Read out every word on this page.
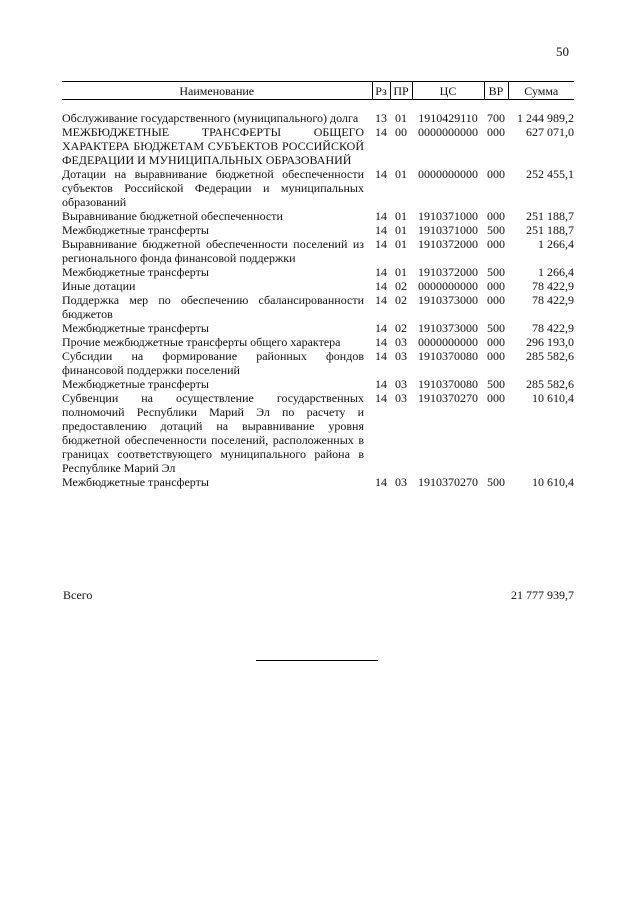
50
Наименование	Рз	ПР	ЦС	ВР	Сумма
Обслуживание государственного (муниципального) долга	13	01	1910429110	700	1 244 989,2
МЕЖБЮДЖЕТНЫЕ ТРАНСФЕРТЫ ОБЩЕГО ХАРАКТЕРА БЮДЖЕТАМ СУБЪЕКТОВ РОССИЙСКОЙ ФЕДЕРАЦИИ И МУНИЦИПАЛЬНЫХ ОБРАЗОВАНИЙ	14	00	0000000000	000	627 071,0
Дотации на выравнивание бюджетной обеспеченности субъектов Российской Федерации и муниципальных образований	14	01	0000000000	000	252 455,1
Выравнивание бюджетной обеспеченности	14	01	1910371000	000	251 188,7
Межбюджетные трансферты	14	01	1910371000	500	251 188,7
Выравнивание бюджетной обеспеченности поселений из регионального фонда финансовой поддержки	14	01	1910372000	000	1 266,4
Межбюджетные трансферты	14	01	1910372000	500	1 266,4
Иные дотации	14	02	0000000000	000	78 422,9
Поддержка мер по обеспечению сбалансированности бюджетов	14	02	1910373000	000	78 422,9
Межбюджетные трансферты	14	02	1910373000	500	78 422,9
Прочие межбюджетные трансферты общего характера	14	03	0000000000	000	296 193,0
Субсидии на формирование районных фондов финансовой поддержки поселений	14	03	1910370080	000	285 582,6
Межбюджетные трансферты	14	03	1910370080	500	285 582,6
Субвенции на осуществление государственных полномочий Республики Марий Эл по расчету и предоставлению дотаций на выравнивание уровня бюджетной обеспеченности поселений, расположенных в границах соответствующего муниципального района в Республике Марий Эл	14	03	1910370270	000	10 610,4
Межбюджетные трансферты	14	03	1910370270	500	10 610,4
Всего	21 777 939,7
